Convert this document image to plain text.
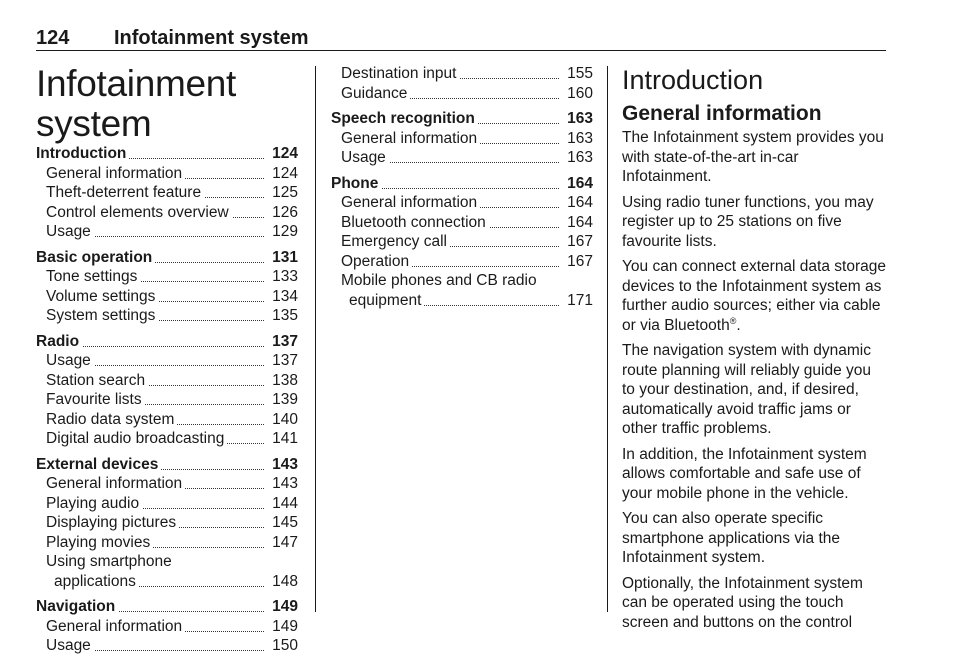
124 Infotainment system
Infotainment system
Introduction	124
General information	124
Theft-deterrent feature	125
Control elements overview	126
Usage	129
Basic operation	131
Tone settings	133
Volume settings	134
System settings	135
Radio	137
Usage	137
Station search	138
Favourite lists	139
Radio data system	140
Digital audio broadcasting	141
External devices	143
General information	143
Playing audio	144
Displaying pictures	145
Playing movies	147
Using smartphone
applications	148
Navigation	149
General information	149
Usage	150
Destination input	155
Guidance	160
Speech recognition	163
General information	163
Usage	163
Phone	164
General information	164
Bluetooth connection	164
Emergency call	167
Operation	167
Mobile phones and CB radio
equipment	171
Introduction
General information

The Infotainment system provides you with state-of-the-art in-car Infotainment.

Using radio tuner functions, you may register up to 25 stations on five favourite lists.

You can connect external data storage devices to the Infotainment system as further audio sources; either via cable or via Bluetooth®.

The navigation system with dynamic route planning will reliably guide you to your destination, and, if desired, automatically avoid traffic jams or other traffic problems.

In addition, the Infotainment system allows comfortable and safe use of your mobile phone in the vehicle.

You can also operate specific smartphone applications via the Infotainment system.

Optionally, the Infotainment system can be operated using the touch screen and buttons on the control
